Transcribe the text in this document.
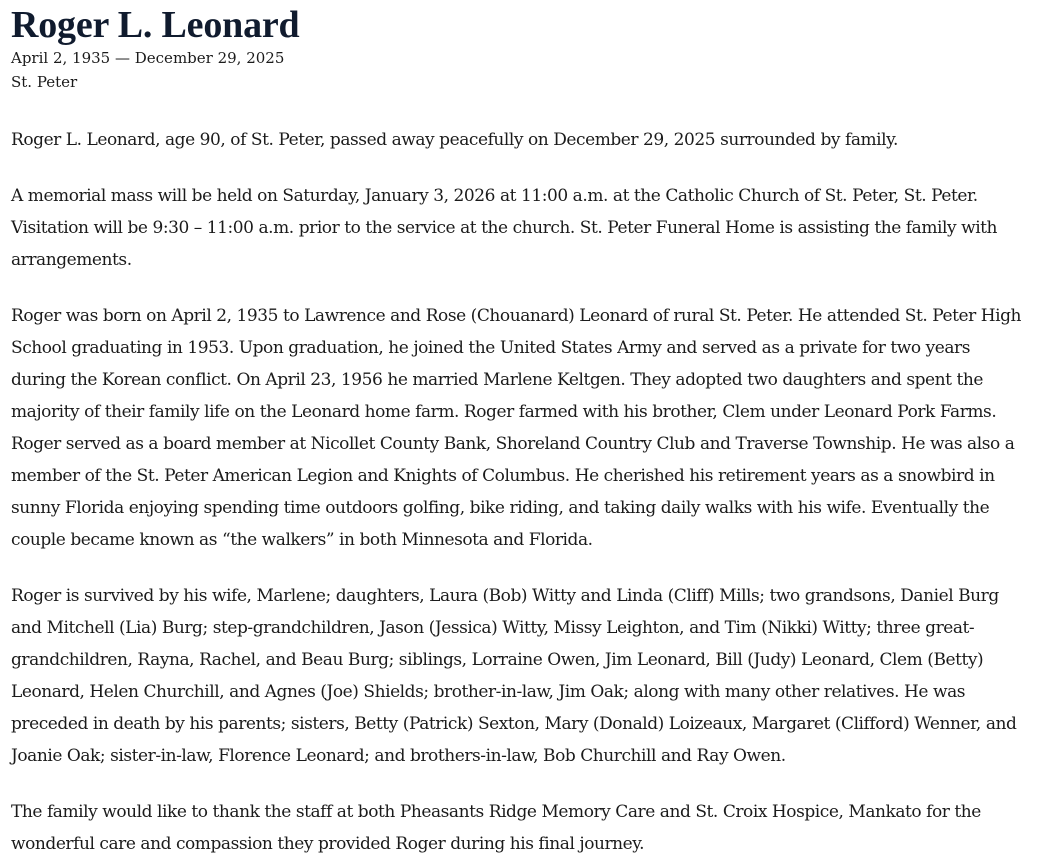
Roger L. Leonard

April 2, 1935 — December 29, 2025

St. Peter

Roger L. Leonard, age 90, of St. Peter, passed away peacefully on December 29, 2025 surrounded by family.

A memorial mass will be held on Saturday, January 3, 2026 at 11:00 a.m. at the Catholic Church of St. Peter, St. Peter. Visitation will be 9:30 – 11:00 a.m. prior to the service at the church. St. Peter Funeral Home is assisting the family with arrangements.

Roger was born on April 2, 1935 to Lawrence and Rose (Chouanard) Leonard of rural St. Peter. He attended St. Peter High School graduating in 1953. Upon graduation, he joined the United States Army and served as a private for two years during the Korean conflict. On April 23, 1956 he married Marlene Keltgen. They adopted two daughters and spent the majority of their family life on the Leonard home farm. Roger farmed with his brother, Clem under Leonard Pork Farms. Roger served as a board member at Nicollet County Bank, Shoreland Country Club and Traverse Township. He was also a member of the St. Peter American Legion and Knights of Columbus. He cherished his retirement years as a snowbird in sunny Florida enjoying spending time outdoors golfing, bike riding, and taking daily walks with his wife. Eventually the couple became known as “the walkers” in both Minnesota and Florida.

Roger is survived by his wife, Marlene; daughters, Laura (Bob) Witty and Linda (Cliff) Mills; two grandsons, Daniel Burg and Mitchell (Lia) Burg; step-grandchildren, Jason (Jessica) Witty, Missy Leighton, and Tim (Nikki) Witty; three great-grandchildren, Rayna, Rachel, and Beau Burg; siblings, Lorraine Owen, Jim Leonard, Bill (Judy) Leonard, Clem (Betty) Leonard, Helen Churchill, and Agnes (Joe) Shields; brother-in-law, Jim Oak; along with many other relatives. He was preceded in death by his parents; sisters, Betty (Patrick) Sexton, Mary (Donald) Loizeaux, Margaret (Clifford) Wenner, and Joanie Oak; sister-in-law, Florence Leonard; and brothers-in-law, Bob Churchill and Ray Owen.

The family would like to thank the staff at both Pheasants Ridge Memory Care and St. Croix Hospice, Mankato for the wonderful care and compassion they provided Roger during his final journey.
